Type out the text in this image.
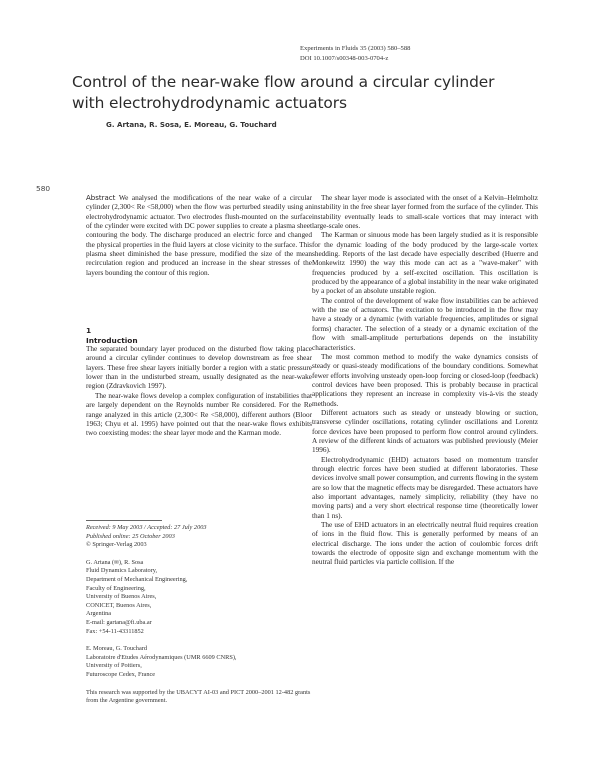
Experiments in Fluids 35 (2003) 580–588
DOI 10.1007/s00348-003-0704-z
Control of the near-wake flow around a circular cylinder
with electrohydrodynamic actuators
G. Artana, R. Sosa, E. Moreau, G. Touchard
580

Abstract We analysed the modifications of the near wake of a circular cylinder (2,300< Re <58,000) when the flow was perturbed steadily using an electrohydrodynamic actuator. Two electrodes flush-mounted on the surface of the cylinder were excited with DC power supplies to create a plasma sheet contouring the body. The discharge produced an electric force and changed the physical properties in the fluid layers at close vicinity to the surface. This plasma sheet diminished the base pressure, modified the size of the mean recirculation region and produced an increase in the shear stresses of the layers bounding the contour of this region.

1
Introduction

The separated boundary layer produced on the disturbed flow taking place around a circular cylinder continues to develop downstream as free shear layers. These free shear layers initially border a region with a static pressure lower than in the undisturbed stream, usually designated as the near-wake region (Zdravkovich 1997).

The near-wake flows develop a complex configuration of instabilities that are largely dependent on the Reynolds number Re considered. For the Re range analyzed in this article (2,300< Re <58,000), different authors (Bloor 1963; Chyu et al. 1995) have pointed out that the near-wake flows exhibits two coexisting modes: the shear layer mode and the Karman mode.

Received: 9 May 2003 / Accepted: 27 July 2003
Published online: 25 October 2003
© Springer-Verlag 2003
G. Artana (✉), R. Sosa
Fluid Dynamics Laboratory,
Department of Mechanical Engineering,
Faculty of Engineering,
University of Buenos Aires,
CONICET, Buenos Aires,
Argentina
E-mail: gartana@fi.uba.ar
Fax: +54-11-43311852
E. Moreau, G. Touchard
Laboratoire d'Etudes Aérodynamiques (UMR 6609 CNRS),
University of Poitiers,
Futuroscope Cedex, France
This research was supported by the UBACYT AI-03 and PICT 2000–2001 12-482 grants from the Argentine government.

The shear layer mode is associated with the onset of a Kelvin–Helmholtz instability in the free shear layer formed from the surface of the cylinder. This instability eventually leads to small-scale vortices that may interact with large-scale ones.

The Karman or sinuous mode has been largely studied as it is responsible for the dynamic loading of the body produced by the large-scale vortex shedding. Reports of the last decade have especially described (Huerre and Monkewitz 1990) the way this mode can act as a "wave-maker" with frequencies produced by a self-excited oscillation. This oscillation is produced by the appearance of a global instability in the near wake originated by a pocket of an absolute unstable region.

The control of the development of wake flow instabilities can be achieved with the use of actuators. The excitation to be introduced in the flow may have a steady or a dynamic (with variable frequencies, amplitudes or signal forms) character. The selection of a steady or a dynamic excitation of the flow with small-amplitude perturbations depends on the instability characteristics.

The most common method to modify the wake dynamics consists of steady or quasi-steady modifications of the boundary conditions. Somewhat fewer efforts involving unsteady open-loop forcing or closed-loop (feedback) control devices have been proposed. This is probably because in practical applications they represent an increase in complexity vis-à-vis the steady methods.

Different actuators such as steady or unsteady blowing or suction, transverse cylinder oscillations, rotating cylinder oscillations and Lorentz force devices have been proposed to perform flow control around cylinders. A review of the different kinds of actuators was published previously (Meier 1996).

Electrohydrodynamic (EHD) actuators based on momentum transfer through electric forces have been studied at different laboratories. These devices involve small power consumption, and currents flowing in the system are so low that the magnetic effects may be disregarded. These actuators have also important advantages, namely simplicity, reliability (they have no moving parts) and a very short electrical response time (theoretically lower than 1 ns).

The use of EHD actuators in an electrically neutral fluid requires creation of ions in the fluid flow. This is generally performed by means of an electrical discharge. The ions under the action of coulombic forces drift towards the electrode of opposite sign and exchange momentum with the neutral fluid particles via particle collision. If the
